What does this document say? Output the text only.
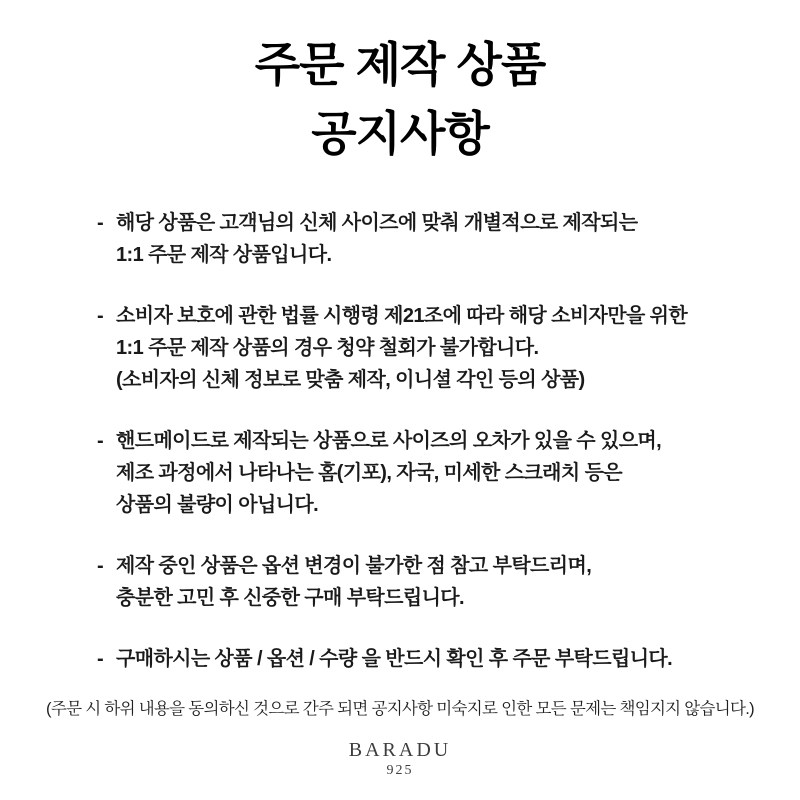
주문 제작 상품
공지사항
- 해당 상품은 고객님의 신체 사이즈에 맞춰 개별적으로 제작되는
1:1 주문 제작 상품입니다.
- 소비자 보호에 관한 법률 시행령 제21조에 따라 해당 소비자만을 위한
1:1 주문 제작 상품의 경우 청약 철회가 불가합니다.
(소비자의 신체 정보로 맞춤 제작, 이니셜 각인 등의 상품)
- 핸드메이드로 제작되는 상품으로 사이즈의 오차가 있을 수 있으며,
제조 과정에서 나타나는 홈(기포), 자국, 미세한 스크래치 등은
상품의 불량이 아닙니다.
- 제작 중인 상품은 옵션 변경이 불가한 점 참고 부탁드리며,
충분한 고민 후 신중한 구매 부탁드립니다.
- 구매하시는 상품 / 옵션 / 수량 을 반드시 확인 후 주문 부탁드립니다.
(주문 시 하위 내용을 동의하신 것으로 간주 되면 공지사항 미숙지로 인한 모든 문제는 책임지지 않습니다.)
BARADU
925
